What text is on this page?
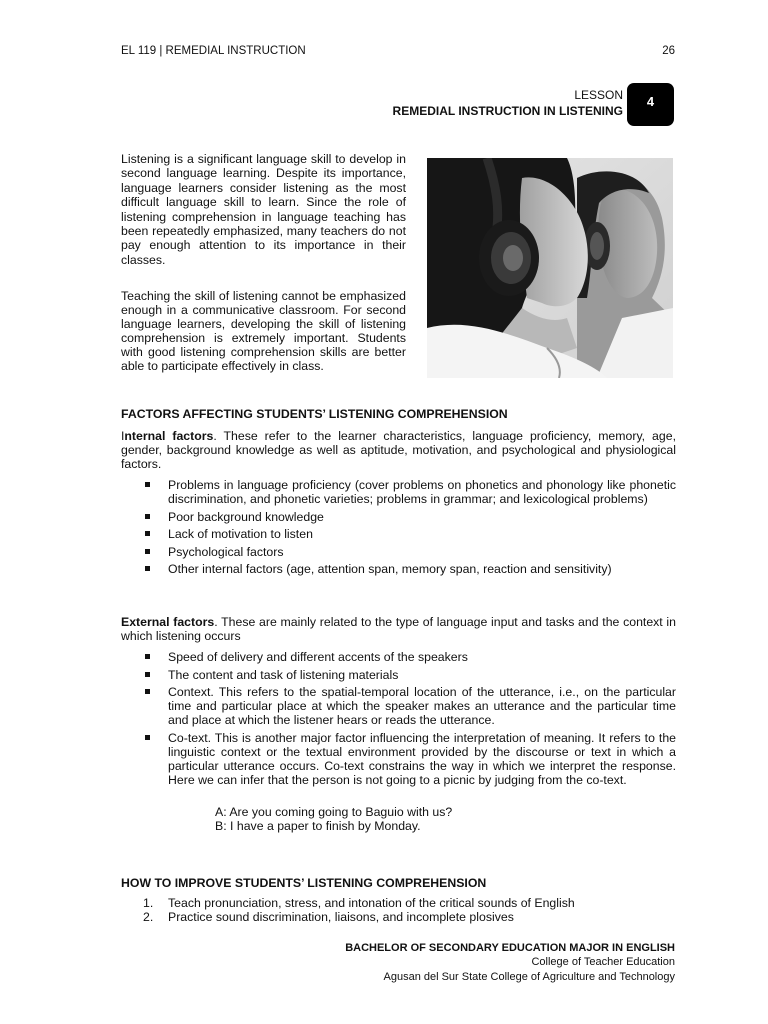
EL 119 | REMEDIAL INSTRUCTION	26
LESSON
REMEDIAL INSTRUCTION IN LISTENING
4

Listening is a significant language skill to develop in second language learning. Despite its importance, language learners consider listening as the most difficult language skill to learn. Since the role of listening comprehension in language teaching has been repeatedly emphasized, many teachers do not pay enough attention to its importance in their classes.

Teaching the skill of listening cannot be emphasized enough in a communicative classroom. For second language learners, developing the skill of listening comprehension is extremely important. Students with good listening comprehension skills are better able to participate effectively in class.

FACTORS AFFECTING STUDENTS’ LISTENING COMPREHENSION

Internal factors. These refer to the learner characteristics, language proficiency, memory, age, gender, background knowledge as well as aptitude, motivation, and psychological and physiological factors.

Problems in language proficiency (cover problems on phonetics and phonology like phonetic discrimination, and phonetic varieties; problems in grammar; and lexicological problems)
Poor background knowledge
Lack of motivation to listen
Psychological factors
Other internal factors (age, attention span, memory span, reaction and sensitivity)

External factors. These are mainly related to the type of language input and tasks and the context in which listening occurs

Speed of delivery and different accents of the speakers
The content and task of listening materials
Context. This refers to the spatial-temporal location of the utterance, i.e., on the particular time and particular place at which the speaker makes an utterance and the particular time and place at which the listener hears or reads the utterance.
Co-text. This is another major factor influencing the interpretation of meaning. It refers to the linguistic context or the textual environment provided by the discourse or text in which a particular utterance occurs. Co-text constrains the way in which we interpret the response. Here we can infer that the person is not going to a picnic by judging from the co-text.
A: Are you coming going to Baguio with us?
B: I have a paper to finish by Monday.

HOW TO IMPROVE STUDENTS’ LISTENING COMPREHENSION

1. Teach pronunciation, stress, and intonation of the critical sounds of English
2. Practice sound discrimination, liaisons, and incomplete plosives
BACHELOR OF SECONDARY EDUCATION MAJOR IN ENGLISH
College of Teacher Education
Agusan del Sur State College of Agriculture and Technology
